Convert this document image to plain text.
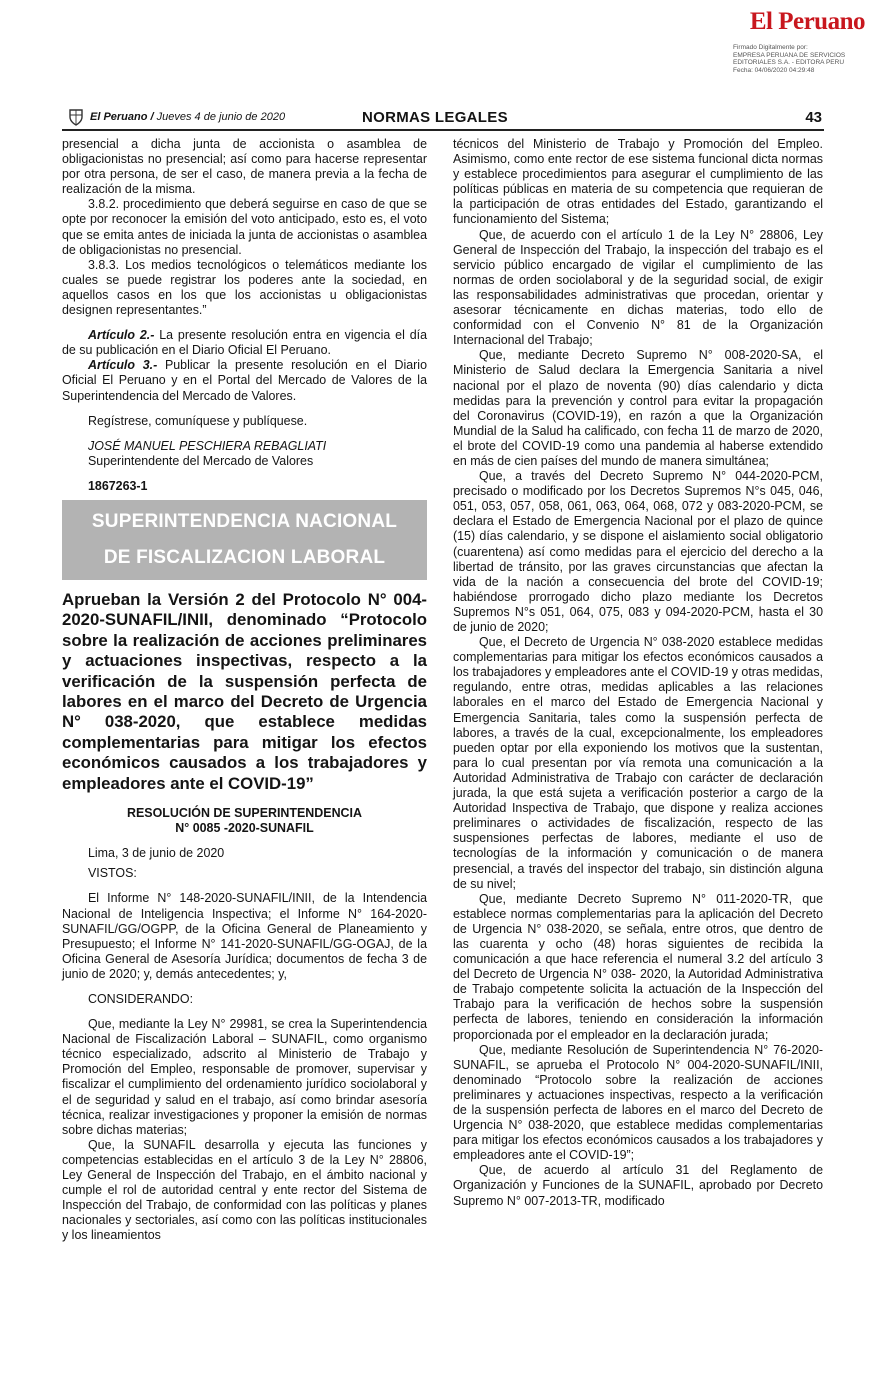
El Peruano
Firmado Digitalmente por:
EMPRESA PERUANA DE SERVICIOS
EDITORIALES S.A. - EDITORA PERU
Fecha: 04/06/2020 04:29:48
El Peruano / Jueves 4 de junio de 2020	NORMAS LEGALES	43

presencial a dicha junta de accionista o asamblea de obligacionistas no presencial; así como para hacerse representar por otra persona, de ser el caso, de manera previa a la fecha de realización de la misma.

3.8.2. procedimiento que deberá seguirse en caso de que se opte por reconocer la emisión del voto anticipado, esto es, el voto que se emita antes de iniciada la junta de accionistas o asamblea de obligacionistas no presencial.

3.8.3. Los medios tecnológicos o telemáticos mediante los cuales se puede registrar los poderes ante la sociedad, en aquellos casos en los que los accionistas u obligacionistas designen representantes.”

Artículo 2.- La presente resolución entra en vigencia el día de su publicación en el Diario Oficial El Peruano.

Artículo 3.- Publicar la presente resolución en el Diario Oficial El Peruano y en el Portal del Mercado de Valores de la Superintendencia del Mercado de Valores.

Regístrese, comuníquese y publíquese.

JOSÉ MANUEL PESCHIERA REBAGLIATI

Superintendente del Mercado de Valores

1867263-1

SUPERINTENDENCIA NACIONAL
DE FISCALIZACION LABORAL

Aprueban la Versión 2 del Protocolo N° 004-2020-SUNAFIL/INII, denominado “Protocolo sobre la realización de acciones preliminares y actuaciones inspectivas, respecto a la verificación de la suspensión perfecta de labores en el marco del Decreto de Urgencia N° 038-2020, que establece medidas complementarias para mitigar los efectos económicos causados a los trabajadores y empleadores ante el COVID-19”

RESOLUCIÓN DE SUPERINTENDENCIA
N° 0085 -2020-SUNAFIL

Lima, 3 de junio de 2020

VISTOS:

El Informe N° 148-2020-SUNAFIL/INII, de la Intendencia Nacional de Inteligencia Inspectiva; el Informe N° 164-2020-SUNAFIL/GG/OGPP, de la Oficina General de Planeamiento y Presupuesto; el Informe N° 141-2020-SUNAFIL/GG-OGAJ, de la Oficina General de Asesoría Jurídica; documentos de fecha 3 de junio de 2020; y, demás antecedentes; y,

CONSIDERANDO:

Que, mediante la Ley N° 29981, se crea la Superintendencia Nacional de Fiscalización Laboral – SUNAFIL, como organismo técnico especializado, adscrito al Ministerio de Trabajo y Promoción del Empleo, responsable de promover, supervisar y fiscalizar el cumplimiento del ordenamiento jurídico sociolaboral y el de seguridad y salud en el trabajo, así como brindar asesoría técnica, realizar investigaciones y proponer la emisión de normas sobre dichas materias;

Que, la SUNAFIL desarrolla y ejecuta las funciones y competencias establecidas en el artículo 3 de la Ley N° 28806, Ley General de Inspección del Trabajo, en el ámbito nacional y cumple el rol de autoridad central y ente rector del Sistema de Inspección del Trabajo, de conformidad con las políticas y planes nacionales y sectoriales, así como con las políticas institucionales y los lineamientos

técnicos del Ministerio de Trabajo y Promoción del Empleo. Asimismo, como ente rector de ese sistema funcional dicta normas y establece procedimientos para asegurar el cumplimiento de las políticas públicas en materia de su competencia que requieran de la participación de otras entidades del Estado, garantizando el funcionamiento del Sistema;

Que, de acuerdo con el artículo 1 de la Ley N° 28806, Ley General de Inspección del Trabajo, la inspección del trabajo es el servicio público encargado de vigilar el cumplimiento de las normas de orden sociolaboral y de la seguridad social, de exigir las responsabilidades administrativas que procedan, orientar y asesorar técnicamente en dichas materias, todo ello de conformidad con el Convenio N° 81 de la Organización Internacional del Trabajo;

Que, mediante Decreto Supremo N° 008-2020-SA, el Ministerio de Salud declara la Emergencia Sanitaria a nivel nacional por el plazo de noventa (90) días calendario y dicta medidas para la prevención y control para evitar la propagación del Coronavirus (COVID-19), en razón a que la Organización Mundial de la Salud ha calificado, con fecha 11 de marzo de 2020, el brote del COVID-19 como una pandemia al haberse extendido en más de cien países del mundo de manera simultánea;

Que, a través del Decreto Supremo N° 044-2020-PCM, precisado o modificado por los Decretos Supremos N°s 045, 046, 051, 053, 057, 058, 061, 063, 064, 068, 072 y 083-2020-PCM, se declara el Estado de Emergencia Nacional por el plazo de quince (15) días calendario, y se dispone el aislamiento social obligatorio (cuarentena) así como medidas para el ejercicio del derecho a la libertad de tránsito, por las graves circunstancias que afectan la vida de la nación a consecuencia del brote del COVID-19; habiéndose prorrogado dicho plazo mediante los Decretos Supremos N°s 051, 064, 075, 083 y 094-2020-PCM, hasta el 30 de junio de 2020;

Que, el Decreto de Urgencia N° 038-2020 establece medidas complementarias para mitigar los efectos económicos causados a los trabajadores y empleadores ante el COVID-19 y otras medidas, regulando, entre otras, medidas aplicables a las relaciones laborales en el marco del Estado de Emergencia Nacional y Emergencia Sanitaria, tales como la suspensión perfecta de labores, a través de la cual, excepcionalmente, los empleadores pueden optar por ella exponiendo los motivos que la sustentan, para lo cual presentan por vía remota una comunicación a la Autoridad Administrativa de Trabajo con carácter de declaración jurada, la que está sujeta a verificación posterior a cargo de la Autoridad Inspectiva de Trabajo, que dispone y realiza acciones preliminares o actividades de fiscalización, respecto de las suspensiones perfectas de labores, mediante el uso de tecnologías de la información y comunicación o de manera presencial, a través del inspector del trabajo, sin distinción alguna de su nivel;

Que, mediante Decreto Supremo N° 011-2020-TR, que establece normas complementarias para la aplicación del Decreto de Urgencia N° 038-2020, se señala, entre otros, que dentro de las cuarenta y ocho (48) horas siguientes de recibida la comunicación a que hace referencia el numeral 3.2 del artículo 3 del Decreto de Urgencia N° 038- 2020, la Autoridad Administrativa de Trabajo competente solicita la actuación de la Inspección del Trabajo para la verificación de hechos sobre la suspensión perfecta de labores, teniendo en consideración la información proporcionada por el empleador en la declaración jurada;

Que, mediante Resolución de Superintendencia N° 76-2020-SUNAFIL, se aprueba el Protocolo N° 004-2020-SUNAFIL/INII, denominado “Protocolo sobre la realización de acciones preliminares y actuaciones inspectivas, respecto a la verificación de la suspensión perfecta de labores en el marco del Decreto de Urgencia N° 038-2020, que establece medidas complementarias para mitigar los efectos económicos causados a los trabajadores y empleadores ante el COVID-19”;

Que, de acuerdo al artículo 31 del Reglamento de Organización y Funciones de la SUNAFIL, aprobado por Decreto Supremo N° 007-2013-TR, modificado
